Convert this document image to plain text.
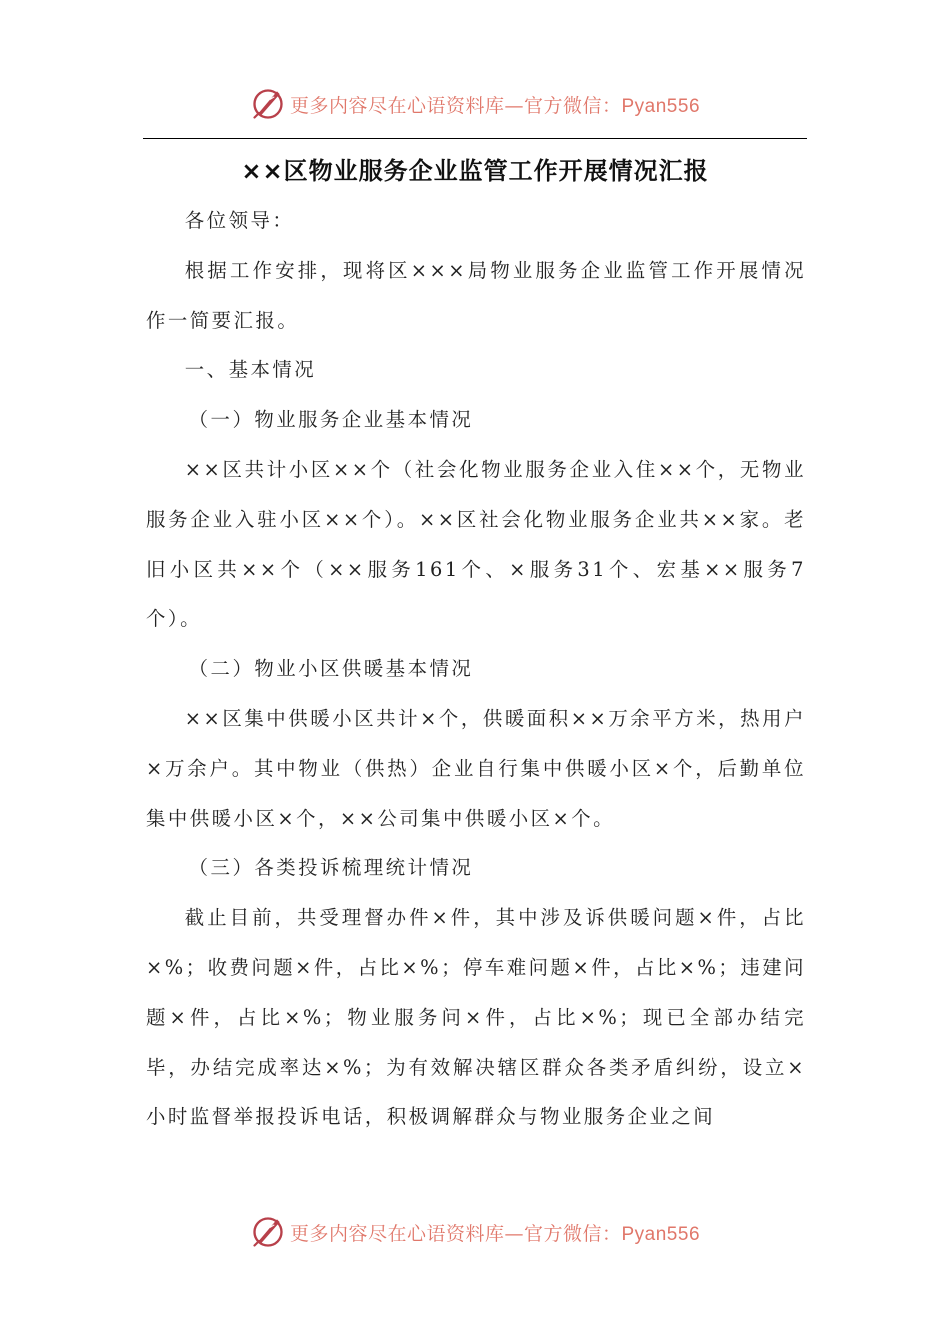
更多内容尽在心语资料库—官方微信：Pyan556
××区物业服务企业监管工作开展情况汇报

各位领导：

根据工作安排，现将区×××局物业服务企业监管工作开展情况作一简要汇报。

一、基本情况

（一）物业服务企业基本情况

××区共计小区××个（社会化物业服务企业入住××个，无物业服务企业入驻小区××个）。××区社会化物业服务企业共××家。老旧小区共××个（××服务161个、×服务31个、宏基××服务7个）。

（二）物业小区供暖基本情况

××区集中供暖小区共计×个，供暖面积××万余平方米，热用户×万余户。其中物业（供热）企业自行集中供暖小区×个，后勤单位集中供暖小区×个，××公司集中供暖小区×个。

（三）各类投诉梳理统计情况

截止目前，共受理督办件×件，其中涉及诉供暖问题×件，占比×%；收费问题×件，占比×%；停车难问题×件，占比×%；违建问题×件，占比×%；物业服务问×件，占比×%；现已全部办结完毕，办结完成率达×%；为有效解决辖区群众各类矛盾纠纷，设立×小时监督举报投诉电话，积极调解群众与物业服务企业之间

更多内容尽在心语资料库—官方微信：Pyan556
